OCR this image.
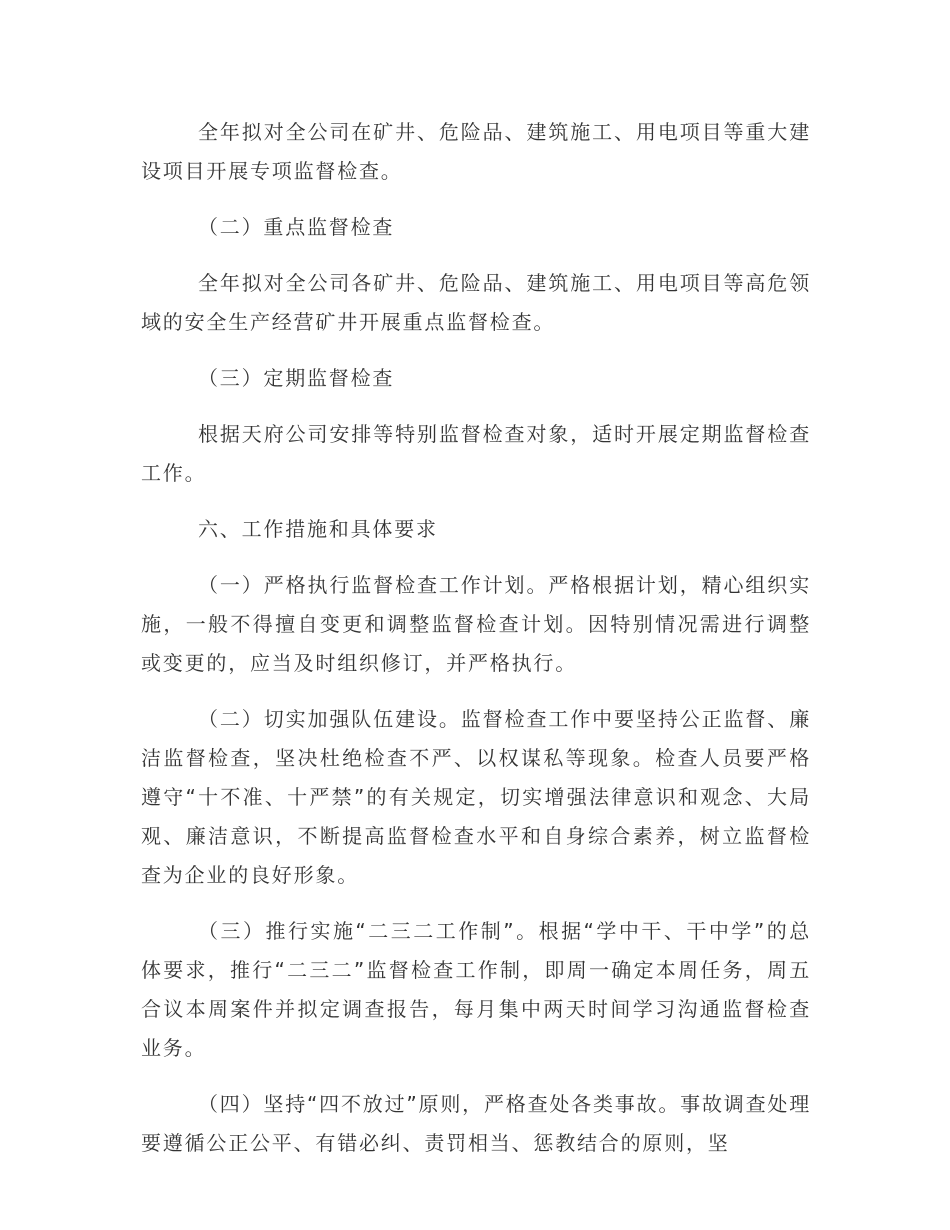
全年拟对全公司在矿井、危险品、建筑施工、用电项目等重大建设项目开展专项监督检查。

（二）重点监督检查

全年拟对全公司各矿井、危险品、建筑施工、用电项目等高危领域的安全生产经营矿井开展重点监督检查。

（三）定期监督检查

根据天府公司安排等特别监督检查对象，适时开展定期监督检查工作。

六、工作措施和具体要求

（一）严格执行监督检查工作计划。严格根据计划，精心组织实施，一般不得擅自变更和调整监督检查计划。因特别情况需进行调整或变更的，应当及时组织修订，并严格执行。

（二）切实加强队伍建设。监督检查工作中要坚持公正监督、廉洁监督检查，坚决杜绝检查不严、以权谋私等现象。检查人员要严格遵守“十不准、十严禁”的有关规定，切实增强法律意识和观念、大局观、廉洁意识，不断提高监督检查水平和自身综合素养，树立监督检查为企业的良好形象。

（三）推行实施“二三二工作制”。根据“学中干、干中学”的总体要求，推行“二三二”监督检查工作制，即周一确定本周任务，周五合议本周案件并拟定调查报告，每月集中两天时间学习沟通监督检查业务。

（四）坚持“四不放过”原则，严格查处各类事故。事故调查处理要遵循公正公平、有错必纠、责罚相当、惩教结合的原则，坚
